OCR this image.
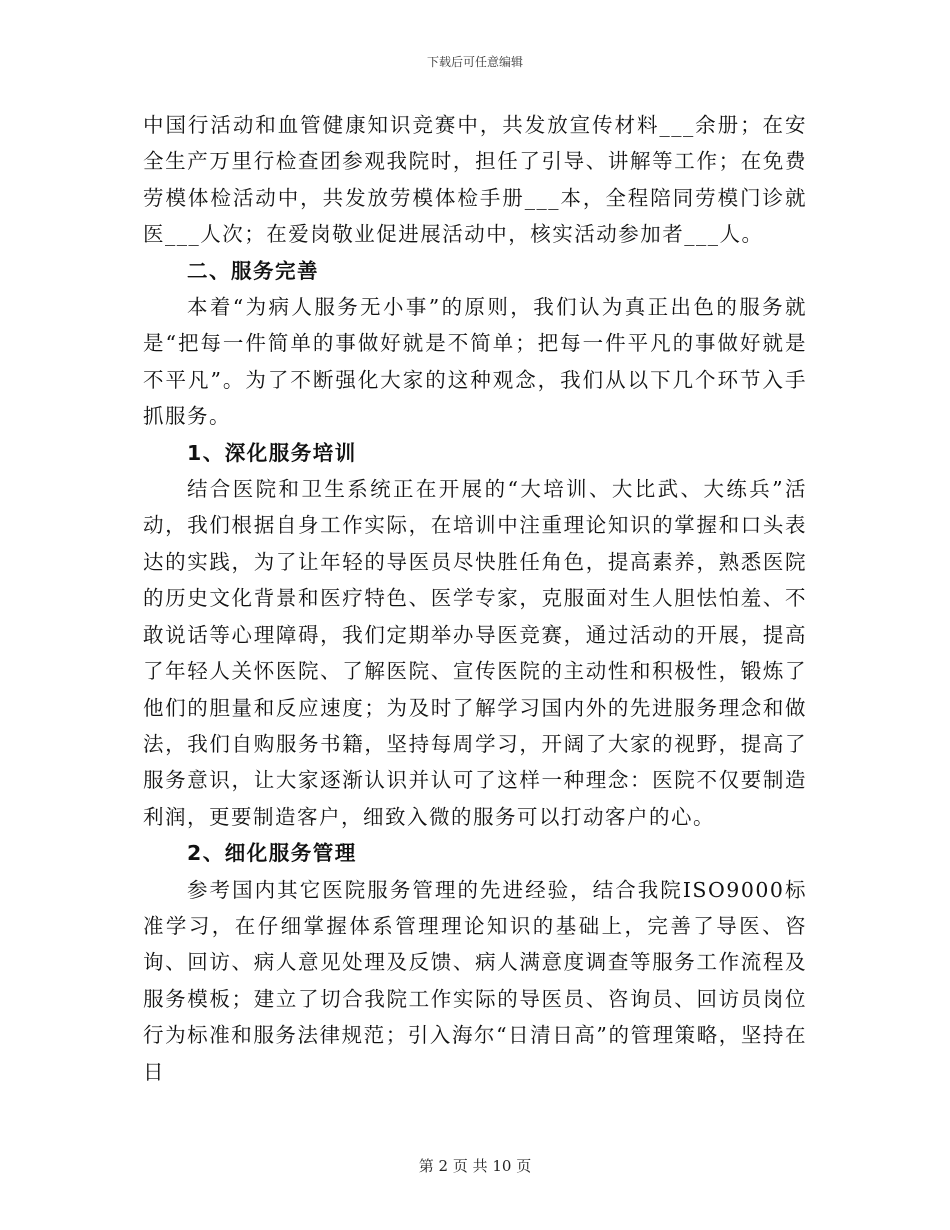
下载后可任意编辑

中国行活动和血管健康知识竞赛中，共发放宣传材料___余册；在安全生产万里行检查团参观我院时，担任了引导、讲解等工作；在免费劳模体检活动中，共发放劳模体检手册___本，全程陪同劳模门诊就医___人次；在爱岗敬业促进展活动中，核实活动参加者___人。

二、服务完善

本着“为病人服务无小事”的原则，我们认为真正出色的服务就是“把每一件简单的事做好就是不简单；把每一件平凡的事做好就是不平凡”。为了不断强化大家的这种观念，我们从以下几个环节入手抓服务。

1、深化服务培训

结合医院和卫生系统正在开展的“大培训、大比武、大练兵”活动，我们根据自身工作实际，在培训中注重理论知识的掌握和口头表达的实践，为了让年轻的导医员尽快胜任角色，提高素养，熟悉医院的历史文化背景和医疗特色、医学专家，克服面对生人胆怯怕羞、不敢说话等心理障碍，我们定期举办导医竞赛，通过活动的开展，提高了年轻人关怀医院、了解医院、宣传医院的主动性和积极性，锻炼了他们的胆量和反应速度；为及时了解学习国内外的先进服务理念和做法，我们自购服务书籍，坚持每周学习，开阔了大家的视野，提高了服务意识，让大家逐渐认识并认可了这样一种理念：医院不仅要制造利润，更要制造客户，细致入微的服务可以打动客户的心。

2、细化服务管理

参考国内其它医院服务管理的先进经验，结合我院ISO9000标准学习，在仔细掌握体系管理理论知识的基础上，完善了导医、咨询、回访、病人意见处理及反馈、病人满意度调查等服务工作流程及服务模板；建立了切合我院工作实际的导医员、咨询员、回访员岗位行为标准和服务法律规范；引入海尔“日清日高”的管理策略，坚持在日

第 2 页 共 10 页
